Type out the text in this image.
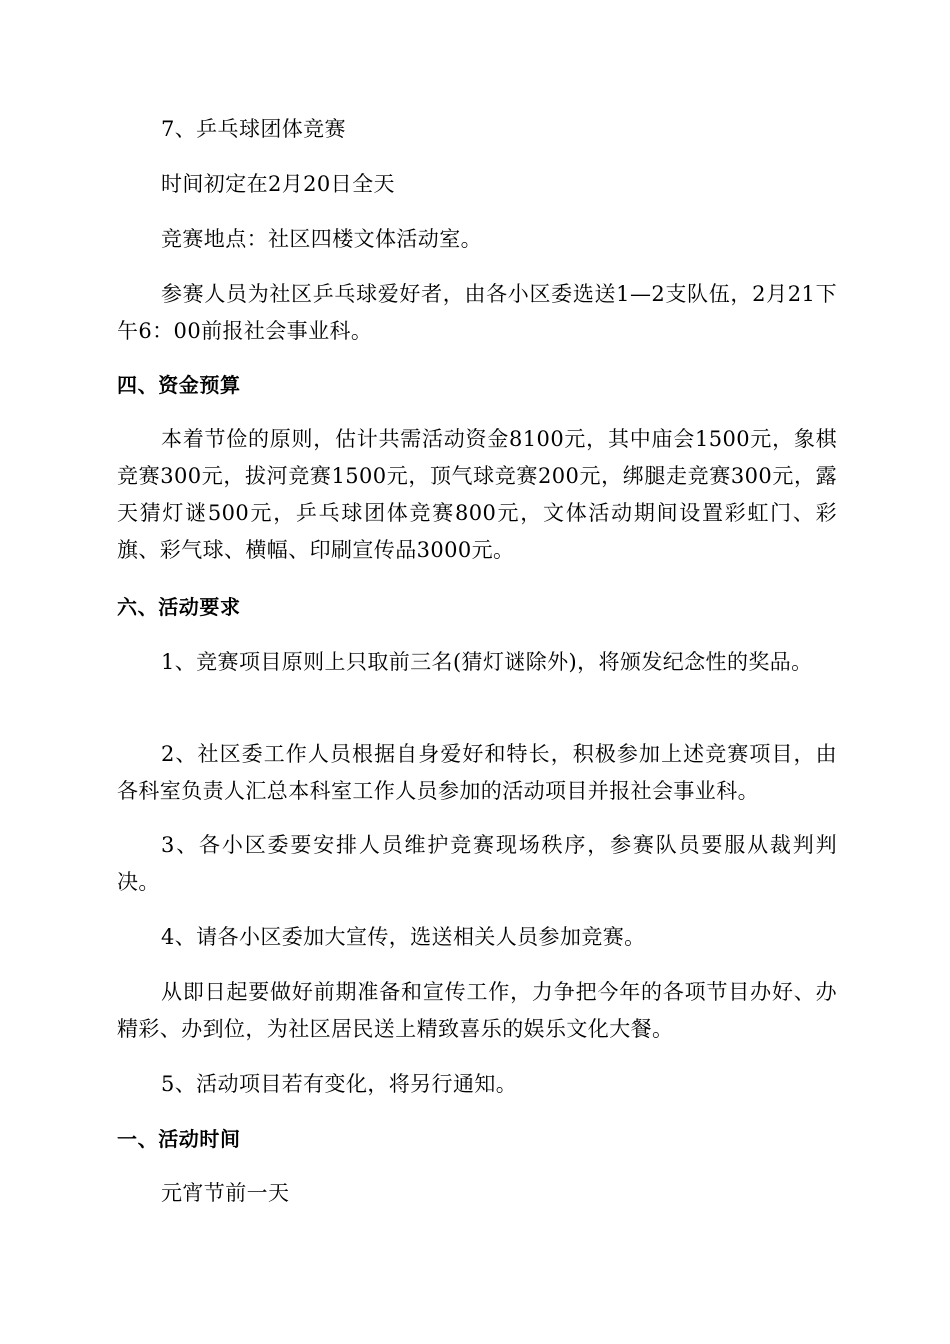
7、乒乓球团体竞赛
时间初定在2月20日全天
竞赛地点：社区四楼文体活动室。
参赛人员为社区乒乓球爱好者，由各小区委选送1—2支队伍，2月21下午6：00前报社会事业科。
四、资金预算
本着节俭的原则，估计共需活动资金8100元，其中庙会1500元，象棋竞赛300元，拔河竞赛1500元，顶气球竞赛200元，绑腿走竞赛300元，露天猜灯谜500元，乒乓球团体竞赛800元，文体活动期间设置彩虹门、彩旗、彩气球、横幅、印刷宣传品3000元。
六、活动要求
1、竞赛项目原则上只取前三名(猜灯谜除外)，将颁发纪念性的奖品。
2、社区委工作人员根据自身爱好和特长，积极参加上述竞赛项目，由各科室负责人汇总本科室工作人员参加的活动项目并报社会事业科。
3、各小区委要安排人员维护竞赛现场秩序，参赛队员要服从裁判判决。
4、请各小区委加大宣传，选送相关人员参加竞赛。
从即日起要做好前期准备和宣传工作，力争把今年的各项节目办好、办精彩、办到位，为社区居民送上精致喜乐的娱乐文化大餐。
5、活动项目若有变化，将另行通知。
一、活动时间
元宵节前一天
